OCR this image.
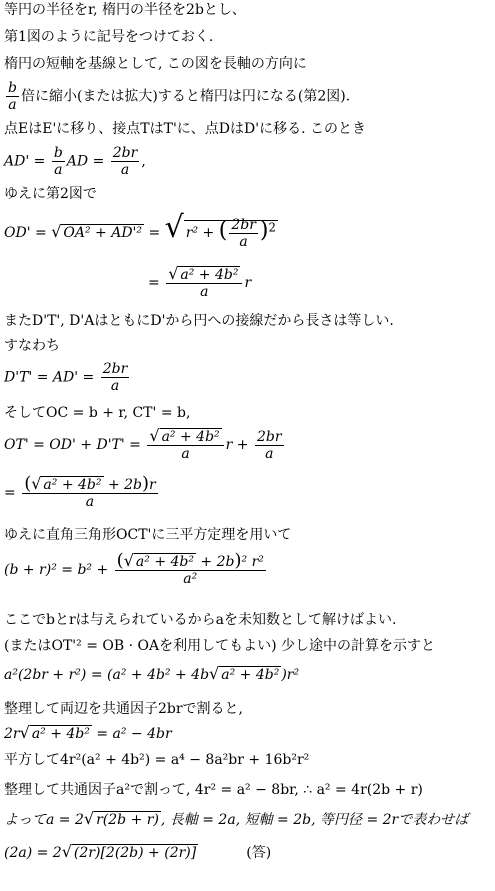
等円の半径をr, 楕円の半径を2bとし、
第1図のように記号をつけておく.
楕円の短軸を基線として, この図を長軸の方向に
$\frac{b}{a}$ 倍に縮小(または拡大)すると楕円は円になる(第2図).
点EはE'に移り、接点TはT'に、点DはD'に移る. このとき
$AD' = \frac{b}{a}$ AD = $\frac{2br}{a}$ ,
ゆえに第2図で
OD' = √ OA² + AD'² = √ r² + ( $\frac{2br}{a} )^2$
= $\frac{\text{√ a² + 4b²}}{a}$ r
またD'T', D'AはともにD'から円への接線だから長さは等しい.
すなわち
$D'T' = AD' = \frac{2br}{a}$
そしてOC = b + r, CT' = b,
$OT' = OD' + D'T' = \frac{\text{√ a² + 4b²}}{a}$ $r + \frac{2br}{a}$
= $\frac{\text{(√ a² + 4b² + 2b)r}}{a}$
ゆえに直角三角形OCT'に三平方定理を用いて
$(b + r)^2 = b^2 + \frac{\text{(√ a² + 4b² + 2b)² r²}}{\text{a²}}$
ここでbとrは与えられているからaを未知数として解けばよい.
(またはOT'² = OB · OAを利用してもよい) 少し途中の計算を示すと
a²(2br + r²) = (a² + 4b² + 4b√ a² + 4b² )r²
整理して両辺を共通因子2brで割ると,
2r√ a² + 4b² = a² − 4br
平方して4r²(a² + 4b²) = a⁴ − 8a²br + 16b²r²
整理して共通因子a²で割って, 4r² = a² − 8br, ∴ a² = 4r(2b + r)
よってa = 2√ r(2b + r) , 長軸 = 2a, 短軸 = 2b, 等円径 = 2rで表わせば
(2a) = 2√ (2r)[2(2b) + (2r)]	(答)
